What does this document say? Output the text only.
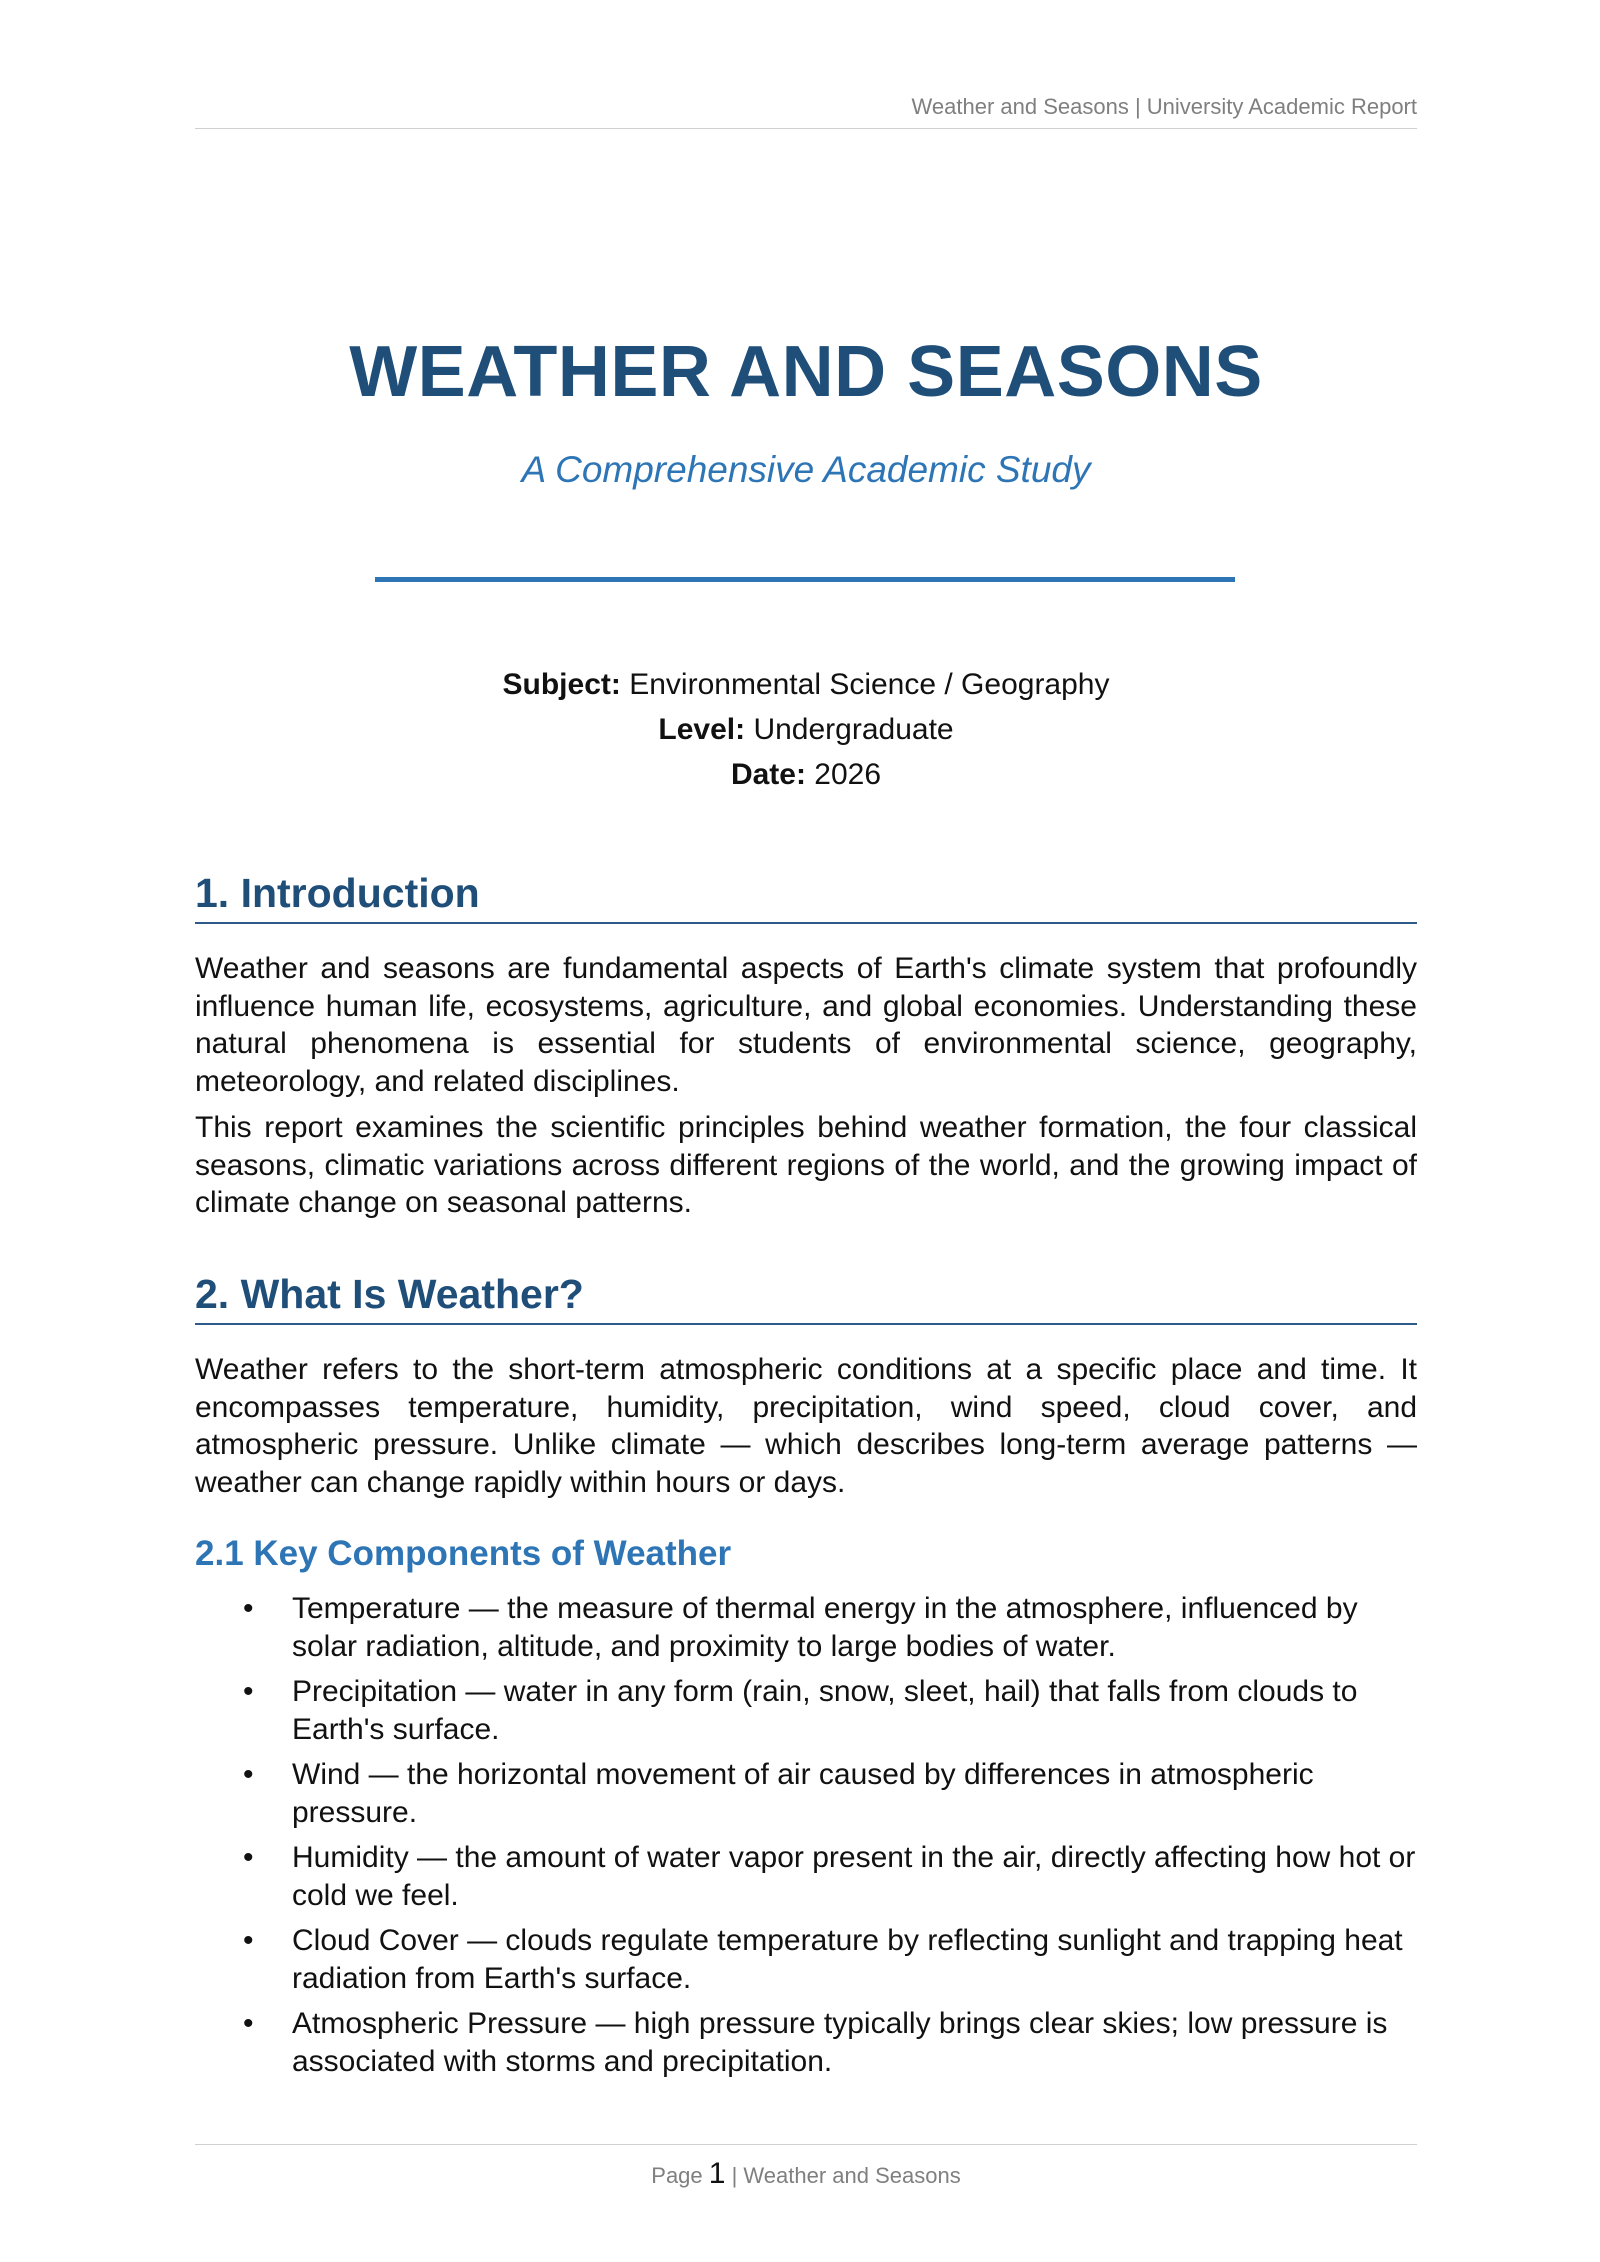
Weather and Seasons | University Academic Report
WEATHER AND SEASONS
A Comprehensive Academic Study
Subject: Environmental Science / Geography
Level: Undergraduate
Date: 2026
1. Introduction

Weather and seasons are fundamental aspects of Earth's climate system that profoundly influence human life, ecosystems, agriculture, and global economies. Understanding these natural phenomena is essential for students of environmental science, geography, meteorology, and related disciplines.

This report examines the scientific principles behind weather formation, the four classical seasons, climatic variations across different regions of the world, and the growing impact of climate change on seasonal patterns.

2. What Is Weather?

Weather refers to the short-term atmospheric conditions at a specific place and time. It encompasses temperature, humidity, precipitation, wind speed, cloud cover, and atmospheric pressure. Unlike climate — which describes long-term average patterns — weather can change rapidly within hours or days.

2.1 Key Components of Weather
• Temperature — the measure of thermal energy in the atmosphere, influenced by solar radiation, altitude, and proximity to large bodies of water.
• Precipitation — water in any form (rain, snow, sleet, hail) that falls from clouds to Earth's surface.
• Wind — the horizontal movement of air caused by differences in atmospheric pressure.
• Humidity — the amount of water vapor present in the air, directly affecting how hot or cold we feel.
• Cloud Cover — clouds regulate temperature by reflecting sunlight and trapping heat radiation from Earth's surface.
• Atmospheric Pressure — high pressure typically brings clear skies; low pressure is associated with storms and precipitation.
Page 1 | Weather and Seasons
